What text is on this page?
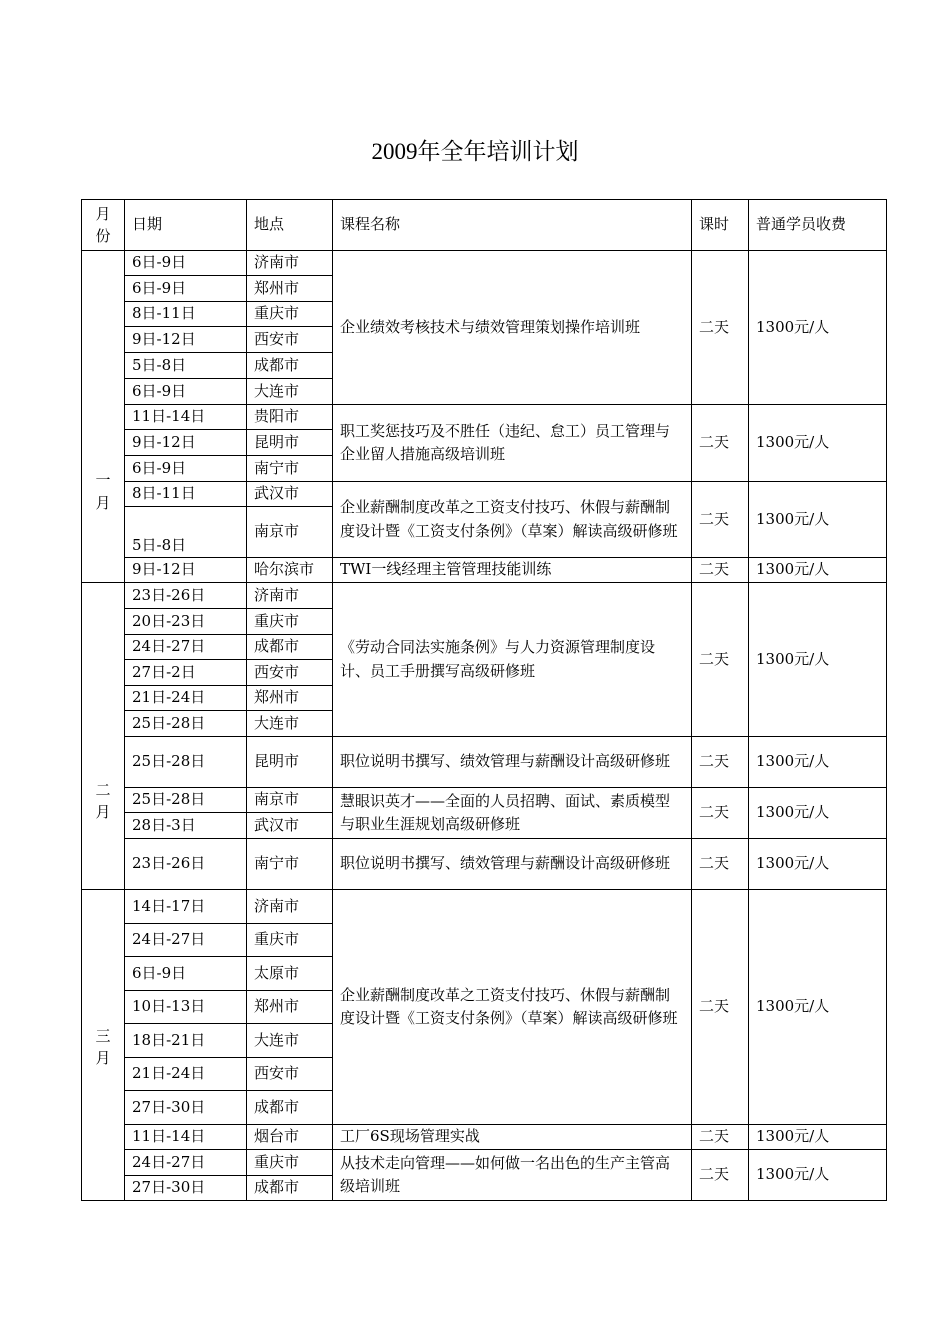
2009年全年培训计划
月份	日期	地点	课程名称	课时	普通学员收费

一月	6日-9日	济南市	企业绩效考核技术与绩效管理策划操作培训班	二天	1300元/人
	6日-9日	郑州市			
	8日-11日	重庆市			
	9日-12日	西安市			
	5日-8日	成都市			
	6日-9日	大连市			
	11日-14日	贵阳市	职工奖惩技巧及不胜任（违纪、怠工）员工管理与企业留人措施高级培训班	二天	1300元/人
	9日-12日	昆明市			
	6日-9日	南宁市			
	8日-11日	武汉市	企业薪酬制度改革之工资支付技巧、休假与薪酬制度设计暨《工资支付条例》（草案）解读高级研修班	二天	1300元/人
	5日-8日	南京市			
	9日-12日	哈尔滨市	TWI一线经理主管管理技能训练	二天	1300元/人

二月	23日-26日	济南市	《劳动合同法实施条例》与人力资源管理制度设计、员工手册撰写高级研修班	二天	1300元/人
	20日-23日	重庆市			
	24日-27日	成都市			
	27日-2日	西安市			
	21日-24日	郑州市			
	25日-28日	大连市			
	25日-28日	昆明市	职位说明书撰写、绩效管理与薪酬设计高级研修班	二天	1300元/人
	25日-28日	南京市	慧眼识英才——全面的人员招聘、面试、素质模型与职业生涯规划高级研修班	二天	1300元/人
	28日-3日	武汉市			
	23日-26日	南宁市	职位说明书撰写、绩效管理与薪酬设计高级研修班	二天	1300元/人

三月	14日-17日	济南市	企业薪酬制度改革之工资支付技巧、休假与薪酬制度设计暨《工资支付条例》（草案）解读高级研修班	二天	1300元/人
	24日-27日	重庆市			
	6日-9日	太原市			
	10日-13日	郑州市			
	18日-21日	大连市			
	21日-24日	西安市			
	27日-30日	成都市			
	11日-14日	烟台市	工厂6S现场管理实战	二天	1300元/人
	24日-27日	重庆市	从技术走向管理——如何做一名出色的生产主管高级培训班	二天	1300元/人
	27日-30日	成都市			
